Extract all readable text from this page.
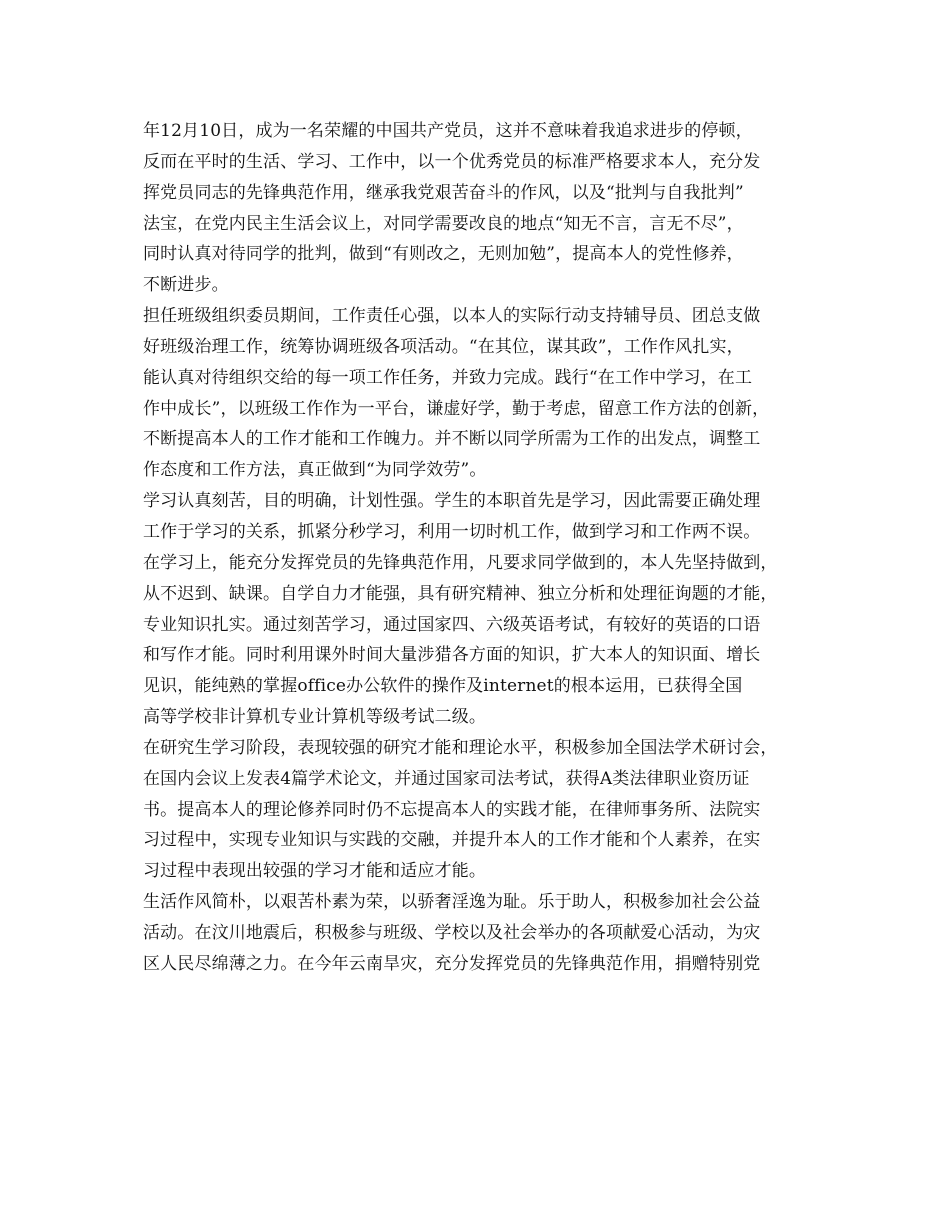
年12月10日，成为一名荣耀的中国共产党员，这并不意味着我追求进步的停顿，
反而在平时的生活、学习、工作中，以一个优秀党员的标准严格要求本人，充分发
挥党员同志的先锋典范作用，继承我党艰苦奋斗的作风，以及“批判与自我批判”
法宝，在党内民主生活会议上，对同学需要改良的地点“知无不言，言无不尽”，
同时认真对待同学的批判，做到“有则改之，无则加勉”，提高本人的党性修养，
不断进步。
担任班级组织委员期间，工作责任心强，以本人的实际行动支持辅导员、团总支做
好班级治理工作，统筹协调班级各项活动。“在其位，谋其政”，工作作风扎实，
能认真对待组织交给的每一项工作任务，并致力完成。践行“在工作中学习，在工
作中成长”，以班级工作作为一平台，谦虚好学，勤于考虑，留意工作方法的创新，
不断提高本人的工作才能和工作魄力。并不断以同学所需为工作的出发点，调整工
作态度和工作方法，真正做到“为同学效劳”。
学习认真刻苦，目的明确，计划性强。学生的本职首先是学习，因此需要正确处理
工作于学习的关系，抓紧分秒学习，利用一切时机工作，做到学习和工作两不误。
在学习上，能充分发挥党员的先锋典范作用，凡要求同学做到的，本人先坚持做到，
从不迟到、缺课。自学自力才能强，具有研究精神、独立分析和处理征询题的才能，
专业知识扎实。通过刻苦学习，通过国家四、六级英语考试，有较好的英语的口语
和写作才能。同时利用课外时间大量涉猎各方面的知识，扩大本人的知识面、增长
见识，能纯熟的掌握office办公软件的操作及internet的根本运用，已获得全国
高等学校非计算机专业计算机等级考试二级。
在研究生学习阶段，表现较强的研究才能和理论水平，积极参加全国法学术研讨会，
在国内会议上发表4篇学术论文，并通过国家司法考试，获得A类法律职业资历证
书。提高本人的理论修养同时仍不忘提高本人的实践才能，在律师事务所、法院实
习过程中，实现专业知识与实践的交融，并提升本人的工作才能和个人素养，在实
习过程中表现出较强的学习才能和适应才能。
生活作风简朴，以艰苦朴素为荣，以骄奢淫逸为耻。乐于助人，积极参加社会公益
活动。在汶川地震后，积极参与班级、学校以及社会举办的各项献爱心活动，为灾
区人民尽绵薄之力。在今年云南旱灾，充分发挥党员的先锋典范作用，捐赠特别党
